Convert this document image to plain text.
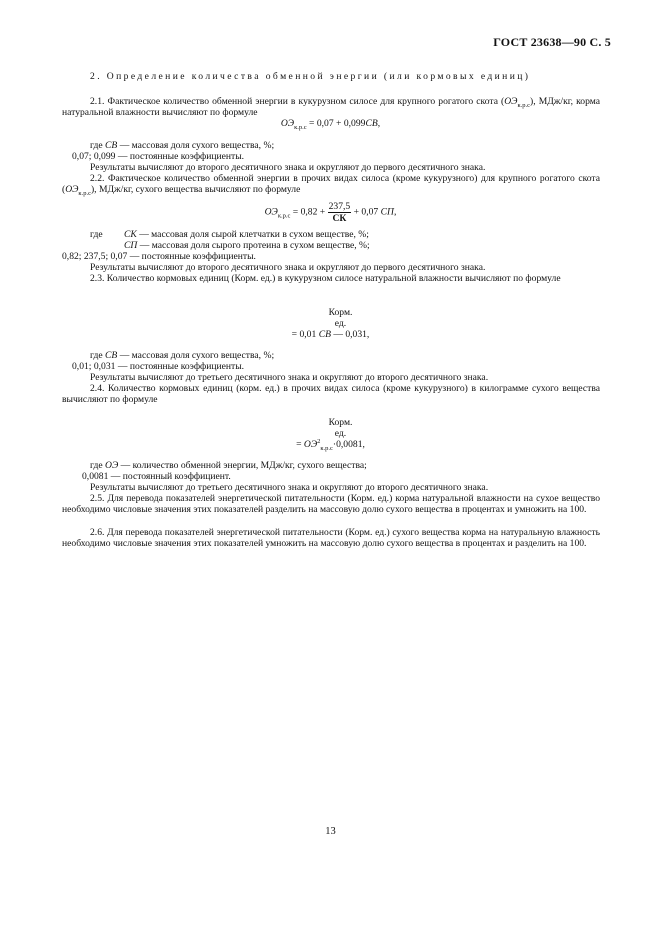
ГОСТ 23638—90 С. 5

2. Определение количества обменной энергии (или кормовых единиц)

2.1. Фактическое количество обменной энергии в кукурузном силосе для крупного рогатого скота $(ОЭ_{к.р.с})$, МДж/кг, корма натуральной влажности вычисляют по формуле

$ОЭ_{к.р.с} = 0,07 + 0,099СВ$,

где СВ — массовая доля сухого вещества, %;

0,07; 0,099 — постоянные коэффициенты.

Результаты вычисляют до второго десятичного знака и округляют до первого десятичного знака.

2.2. Фактическое количество обменной энергии в прочих видах силоса (кроме кукурузного) для крупного рогатого скота $(ОЭ_{к.р.с})$, МДж/кг, сухого вещества вычисляют по формуле

$ОЭ_{к.р.с} = 0,82 + \frac{237,5}{СК} + 0,07$ СП,

где СК — массовая доля сырой клетчатки в сухом веществе, %;

СП — массовая доля сырого протеина в сухом веществе, %;

0,82; 237,5; 0,07 — постоянные коэффициенты.

Результаты вычисляют до второго десятичного знака и округляют до первого десятичного знака.

2.3. Количество кормовых единиц (Корм. ед.) в кукурузном силосе натуральной влажности вычисляют по формуле

Корм.
ед.

= 0,01 СВ — 0,031,

где СВ — массовая доля сухого вещества, %;

0,01; 0,031 — постоянные коэффициенты.

Результаты вычисляют до третьего десятичного знака и округляют до второго десятичного знака.

2.4. Количество кормовых единиц (корм. ед.) в прочих видах силоса (кроме кукурузного) в килограмме сухого вещества вычисляют по формуле

Корм.
ед.

= $ОЭ^2_{к.р.с}\cdot 0,0081$,

где ОЭ — количество обменной энергии, МДж/кг, сухого вещества;

0,0081 — постоянный коэффициент.

Результаты вычисляют до третьего десятичного знака и округляют до второго десятичного знака.

2.5. Для перевода показателей энергетической питательности (Корм. ед.) корма натуральной влажности на сухое вещество необходимо числовые значения этих показателей разделить на массовую долю сухого вещества в процентах и умножить на 100.

2.6. Для перевода показателей энергетической питательности (Корм. ед.) сухого вещества корма на натуральную влажность необходимо числовые значения этих показателей умножить на массовую долю сухого вещества в процентах и разделить на 100.

13
